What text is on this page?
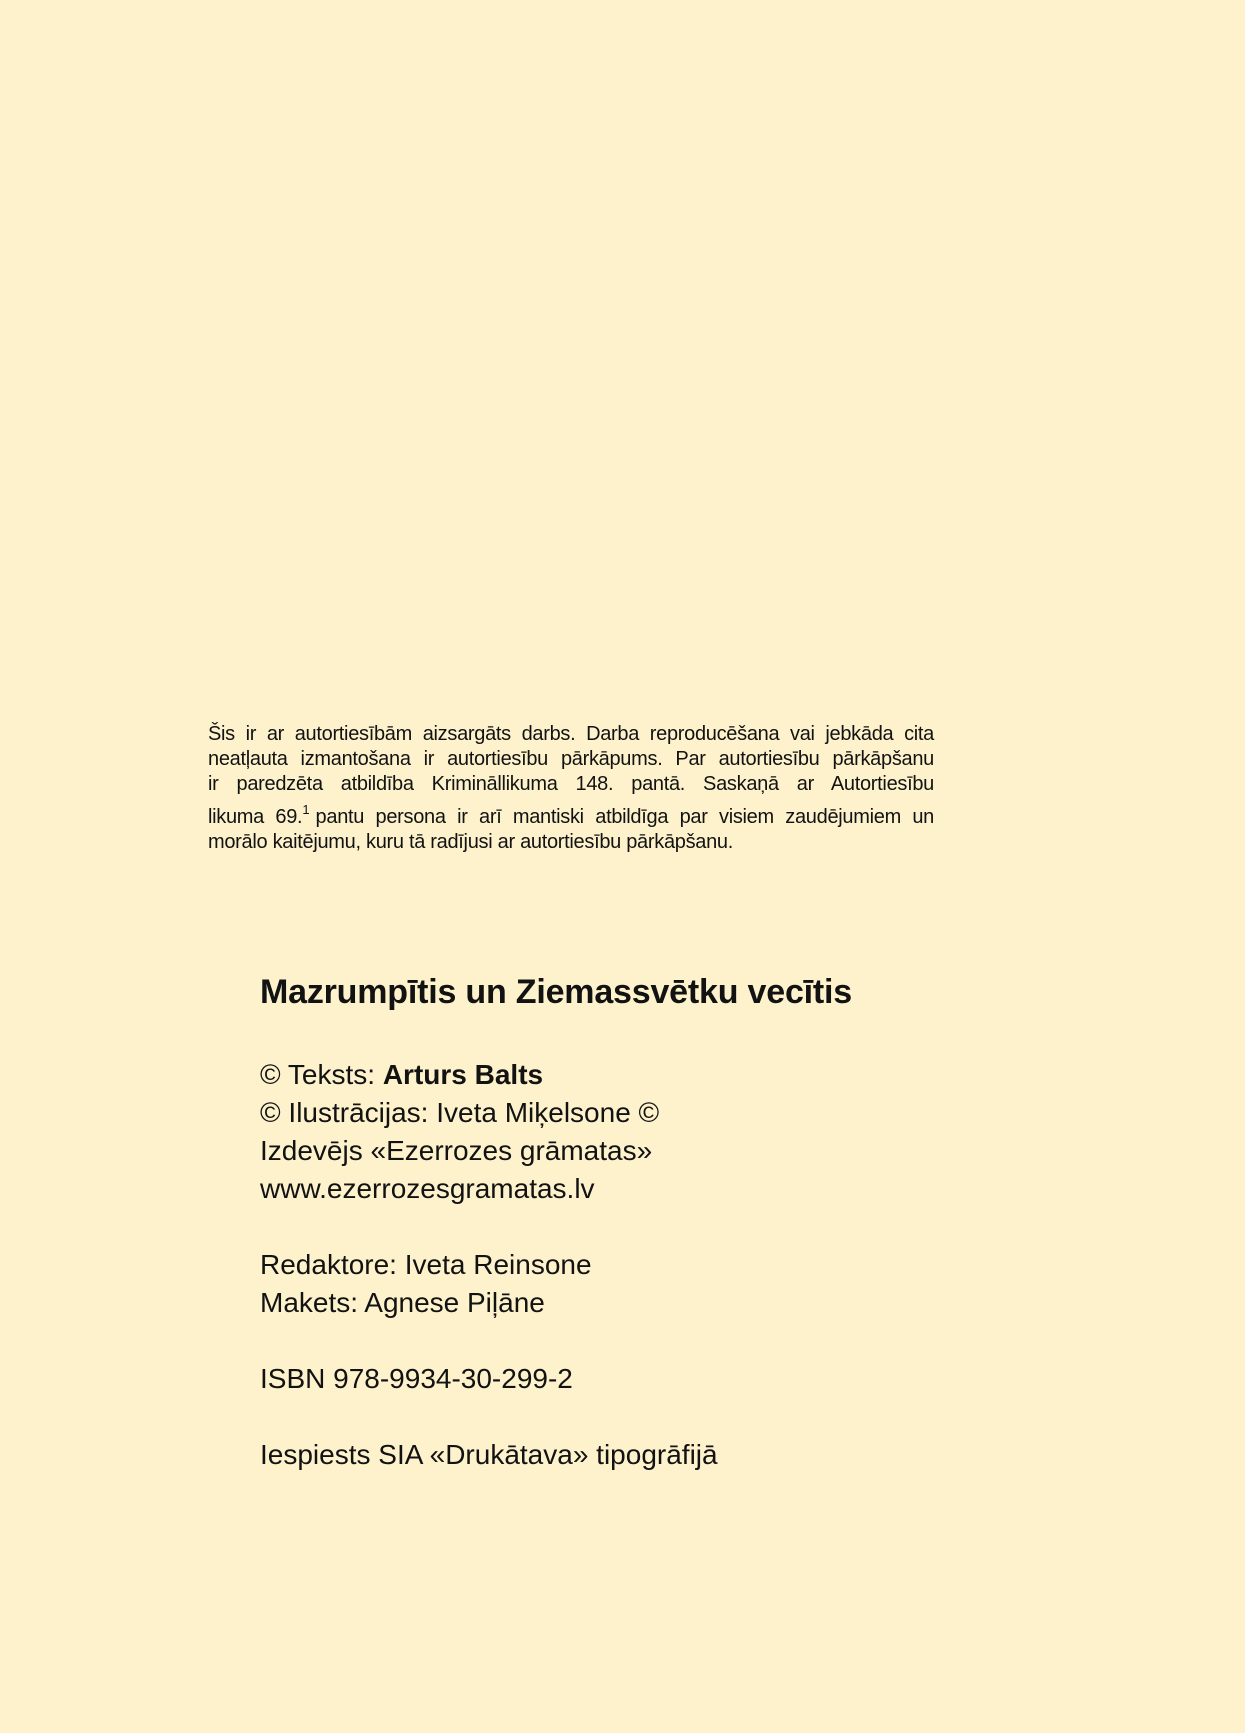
Šis ir ar autortiesībām aizsargāts darbs. Darba reproducēšana vai jebkāda cita
neatļauta izmantošana ir autortiesību pārkāpums. Par autortiesību pārkāpšanu
ir paredzēta atbildība Krimināllikuma 148. pantā. Saskaņā ar Autortiesību
likuma 69.$^1$ pantu persona ir arī mantiski atbildīga par visiem zaudējumiem un
morālo kaitējumu, kuru tā radījusi ar autortiesību pārkāpšanu.
Mazrumpītis un Ziemassvētku vecītis
© Teksts: Arturs Balts
© Ilustrācijas: Iveta Miķelsone ©
Izdevējs «Ezerrozes grāmatas»
www.ezerrozesgramatas.lv
Redaktore: Iveta Reinsone
Makets: Agnese Piļāne
ISBN 978-9934-30-299-2
Iespiests SIA «Drukātava» tipogrāfijā
